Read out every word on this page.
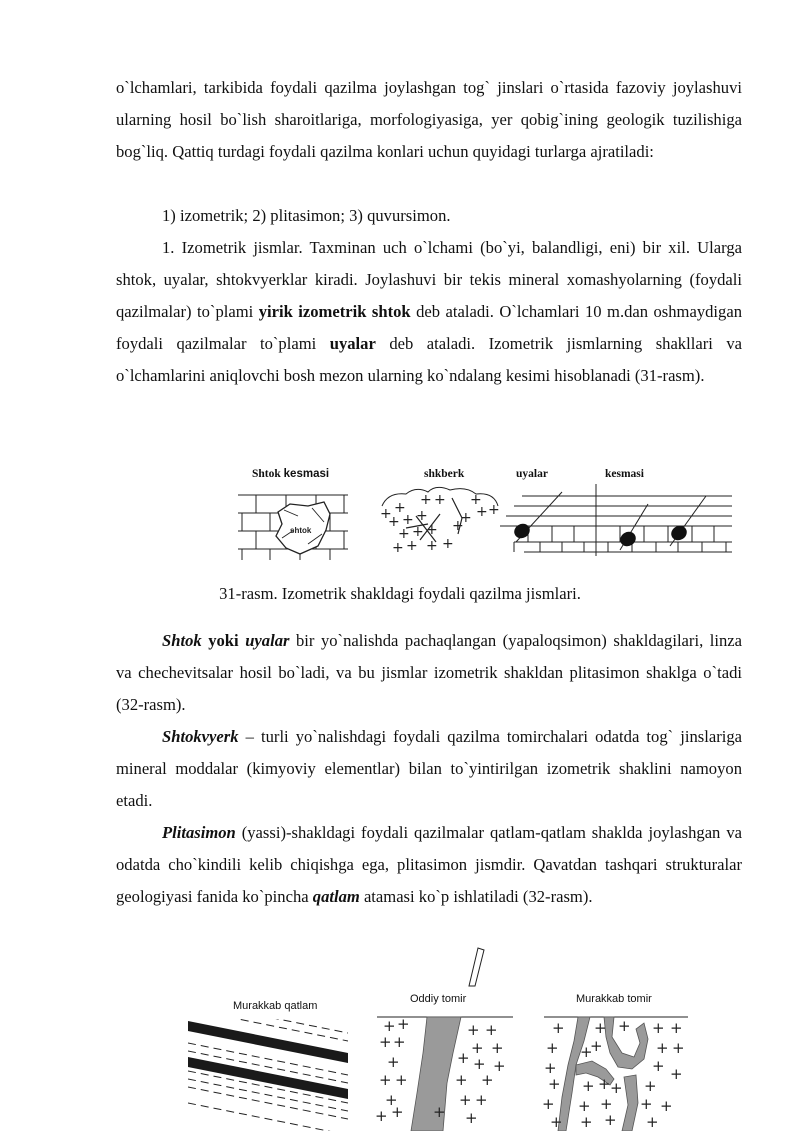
o`lchamlari, tarkibida foydali qazilma joylashgan tog` jinslari o`rtasida fazoviy joylashuvi ularning hosil bo`lish sharoitlariga, morfologiyasiga, yer qobig`ining geologik tuzilishiga bog`liq. Qattiq turdagi foydali qazilma konlari uchun quyidagi turlarga ajratiladi:

1) izometrik; 2) plitasimon; 3) quvursimon.

1. Izometrik jismlar. Taxminan uch o`lchami (bo`yi, balandligi, eni) bir xil. Ularga shtok, uyalar, shtokvyerklar kiradi. Joylashuvi bir tekis mineral xomashyolarning (foydali qazilmalar) to`plami yirik izometrik shtok deb ataladi. O`lchamlari 10 m.dan oshmaydigan foydali qazilmalar to`plami uyalar deb ataladi. Izometrik jismlarning shakllari va o`lchamlarini aniqlovchi bosh mezon ularning ko`ndalang kesimi hisoblanadi (31-rasm).

Shtok kesmasi	shkberk	uyalar	kesmasi
shtok
+ + + + +
+ + + + + +
+ + + +
+ + + +
31-rasm. Izometrik shakldagi foydali qazilma jismlari.

Shtok yoki uyalar bir yo`nalishda pachaqlangan (yapaloqsimon) shakldagilari, linza va chechevitsalar hosil bo`ladi, va bu jismlar izometrik shakldan plitasimon shaklga o`tadi (32-rasm).

Shtokvyerk – turli yo`nalishdagi foydali qazilma tomirchalari odatda tog` jinslariga mineral moddalar (kimyoviy elementlar) bilan to`yintirilgan izometrik shaklini namoyon etadi.

Plitasimon (yassi)-shakldagi foydali qazilmalar qatlam-qatlam shaklda joylashgan va odatda cho`kindili kelib chiqishga ega, plitasimon jismdir. Qavatdan tashqari strukturalar geologiyasi fanida ko`pincha qatlam atamasi ko`p ishlatiladi (32-rasm).

Murakkab qatlam
Oddiy tomir	Murakkab tomir
+ +	+ +
+ +	+ +
+	+ + +
+ +	+ +
+	+ +
+ + + +
+ + + + +
+ +	+ +
+
+
+ +
+ + + + +
+ + + + +
+ + + +
